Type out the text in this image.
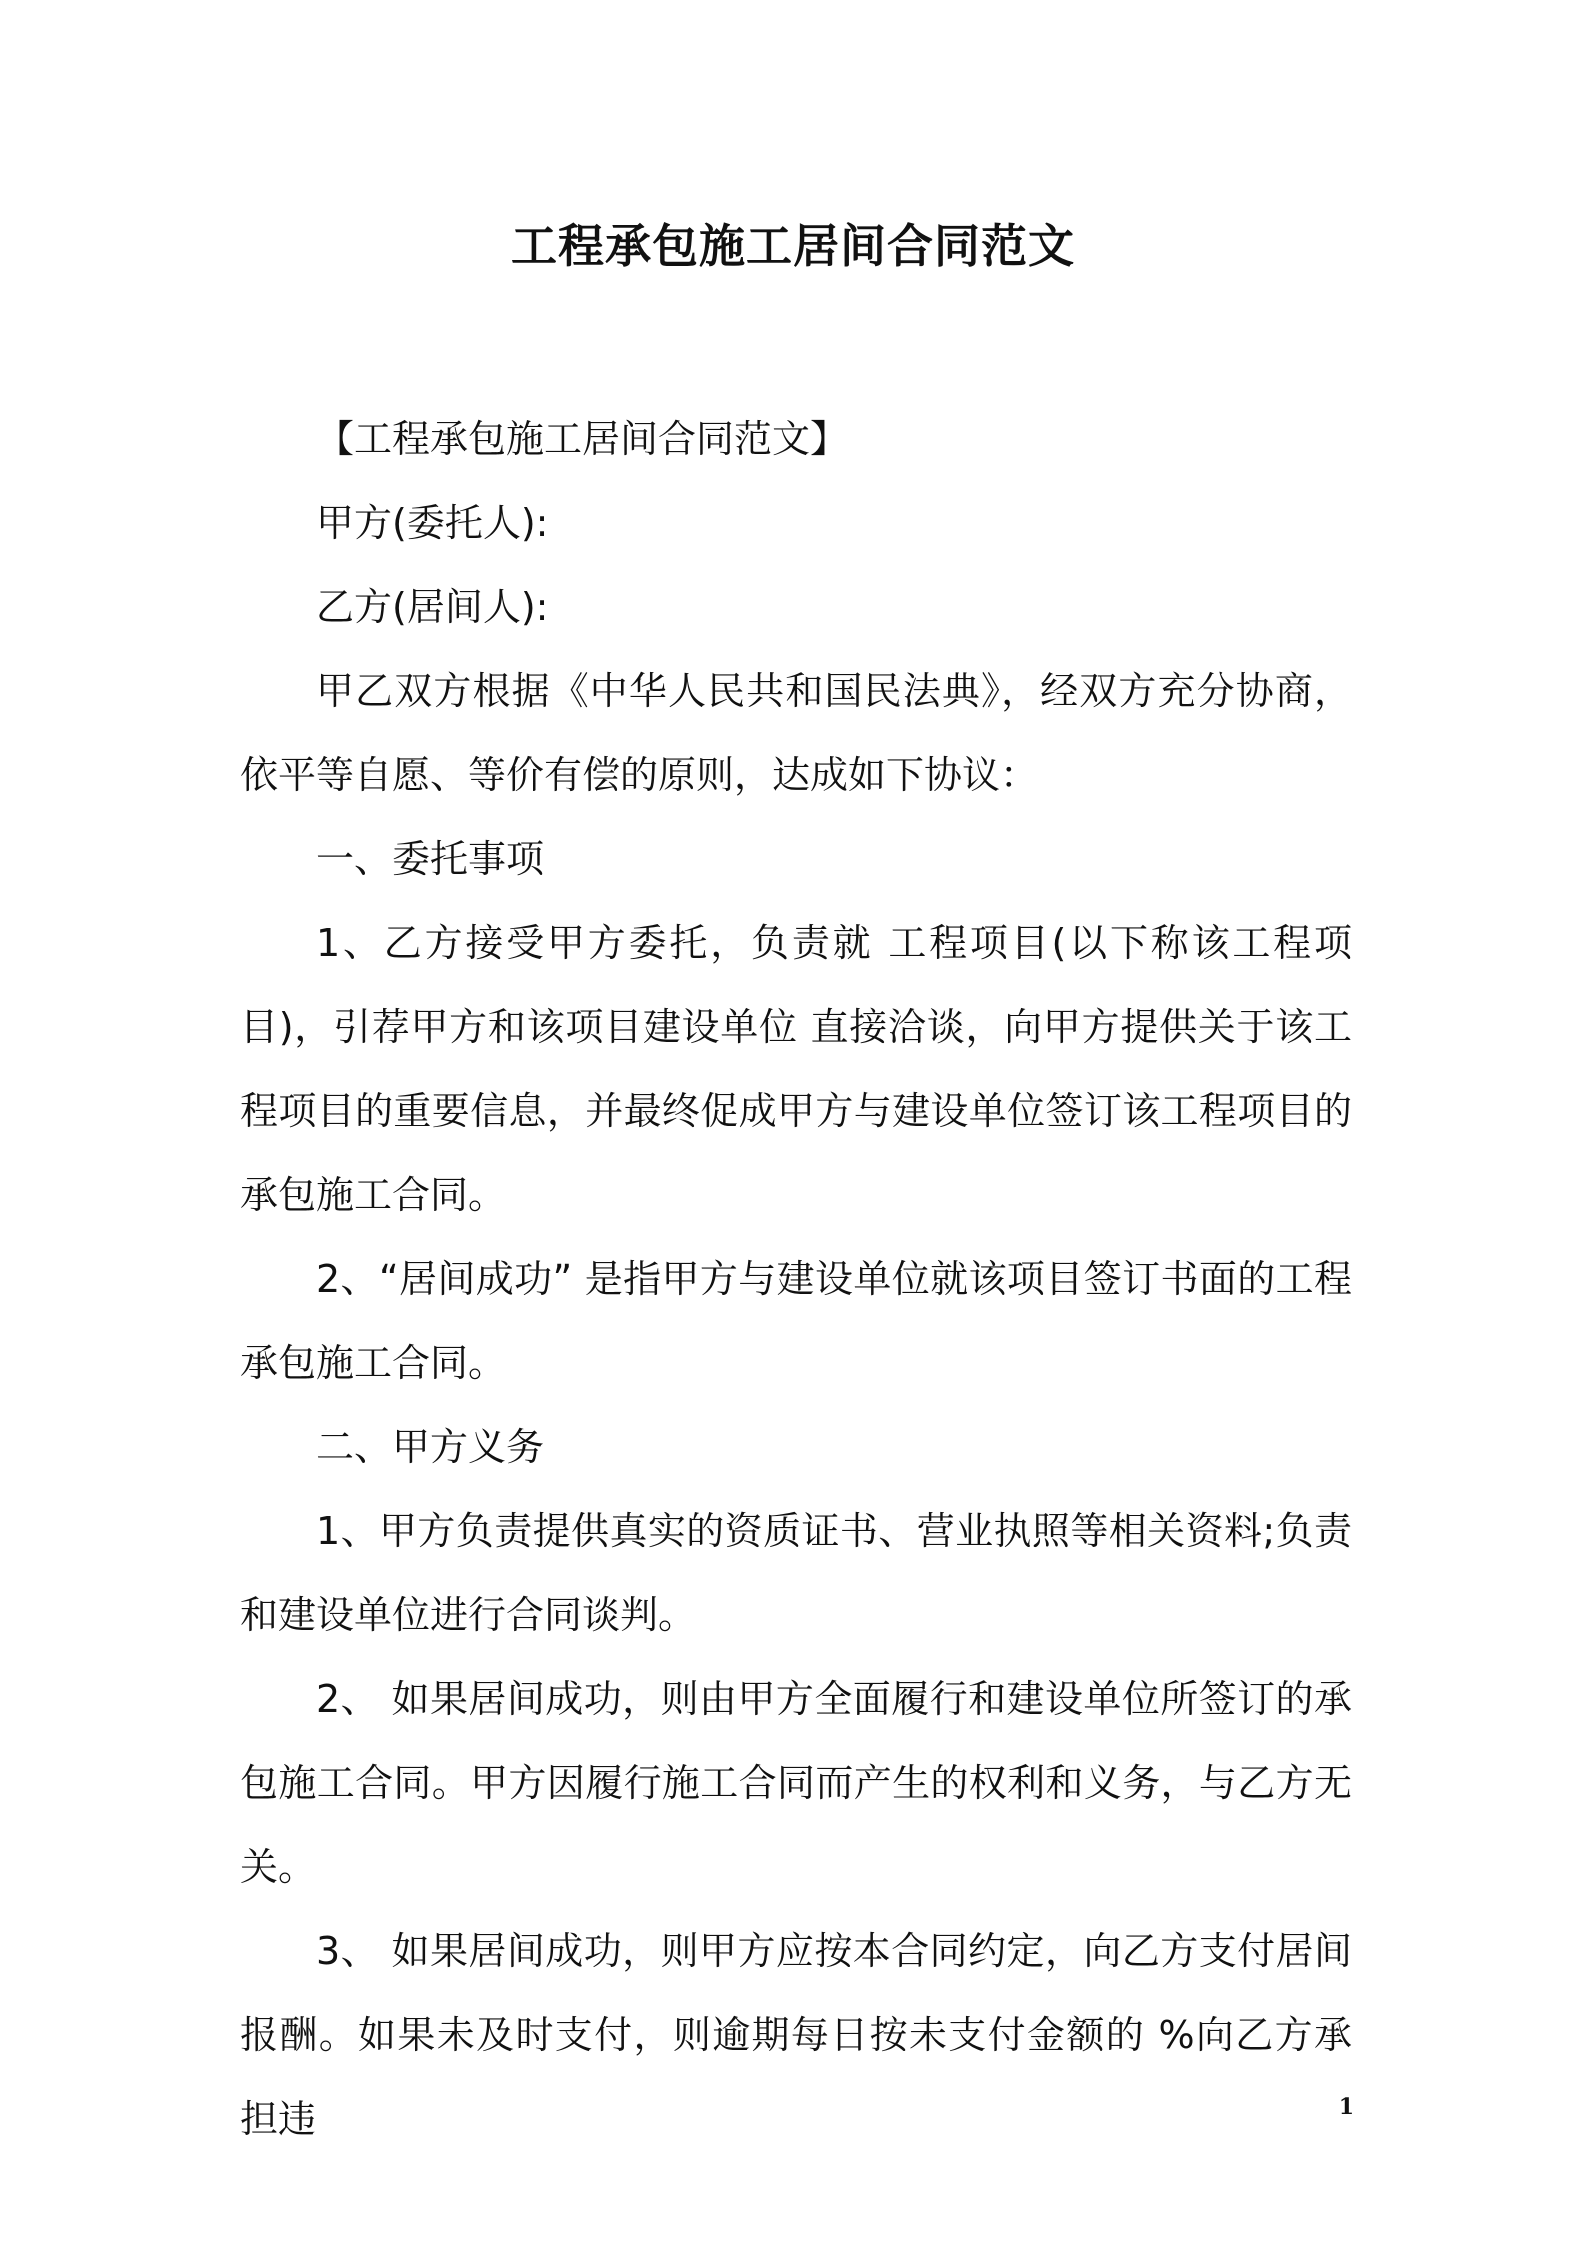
工程承包施工居间合同范文

【工程承包施工居间合同范文】

甲方(委托人):

乙方(居间人):

甲乙双方根据《中华人民共和国民法典》，经双方充分协商，依平等自愿、等价有偿的原则，达成如下协议：

一、委托事项

1、乙方接受甲方委托，负责就 工程项目(以下称该工程项目)，引荐甲方和该项目建设单位 直接洽谈，向甲方提供关于该工程项目的重要信息，并最终促成甲方与建设单位签订该工程项目的承包施工合同。

2、“居间成功” 是指甲方与建设单位就该项目签订书面的工程承包施工合同。

二、甲方义务

1、甲方负责提供真实的资质证书、营业执照等相关资料;负责和建设单位进行合同谈判。

2、 如果居间成功，则由甲方全面履行和建设单位所签订的承包施工合同。甲方因履行施工合同而产生的权利和义务，与乙方无关。

3、 如果居间成功，则甲方应按本合同约定，向乙方支付居间报酬。如果未及时支付，则逾期每日按未支付金额的 %向乙方承担违	1
